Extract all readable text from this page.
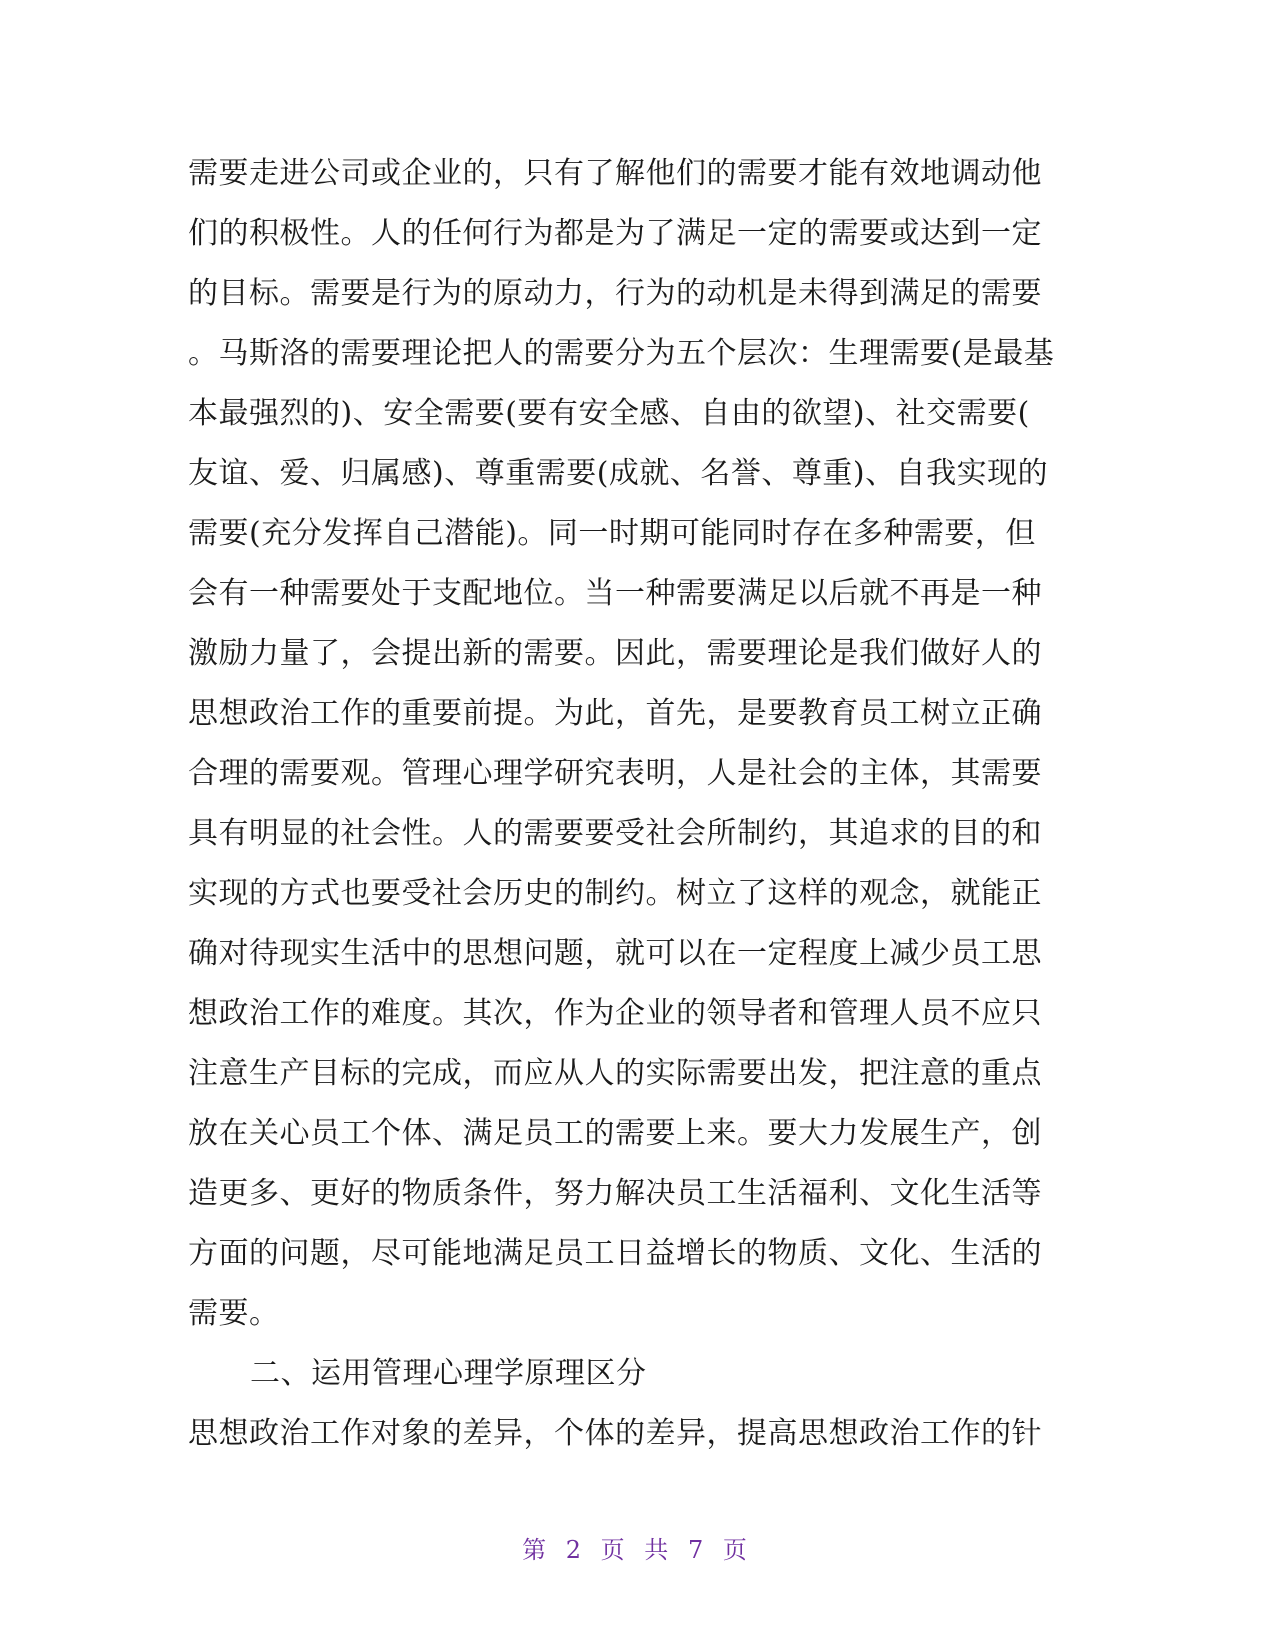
需要走进公司或企业的，只有了解他们的需要才能有效地调动他
们的积极性。人的任何行为都是为了满足一定的需要或达到一定
的目标。需要是行为的原动力，行为的动机是未得到满足的需要
。马斯洛的需要理论把人的需要分为五个层次：生理需要(是最基
本最强烈的)、安全需要(要有安全感、自由的欲望)、社交需要(
友谊、爱、归属感)、尊重需要(成就、名誉、尊重)、自我实现的
需要(充分发挥自己潜能)。同一时期可能同时存在多种需要，但
会有一种需要处于支配地位。当一种需要满足以后就不再是一种
激励力量了，会提出新的需要。因此，需要理论是我们做好人的
思想政治工作的重要前提。为此，首先，是要教育员工树立正确
合理的需要观。管理心理学研究表明，人是社会的主体，其需要
具有明显的社会性。人的需要要受社会所制约，其追求的目的和
实现的方式也要受社会历史的制约。树立了这样的观念，就能正
确对待现实生活中的思想问题，就可以在一定程度上减少员工思
想政治工作的难度。其次，作为企业的领导者和管理人员不应只
注意生产目标的完成，而应从人的实际需要出发，把注意的重点
放在关心员工个体、满足员工的需要上来。要大力发展生产，创
造更多、更好的物质条件，努力解决员工生活福利、文化生活等
方面的问题，尽可能地满足员工日益增长的物质、文化、生活的
需要。
二、运用管理心理学原理区分
思想政治工作对象的差异，个体的差异，提高思想政治工作的针
第 2 页 共 7 页
